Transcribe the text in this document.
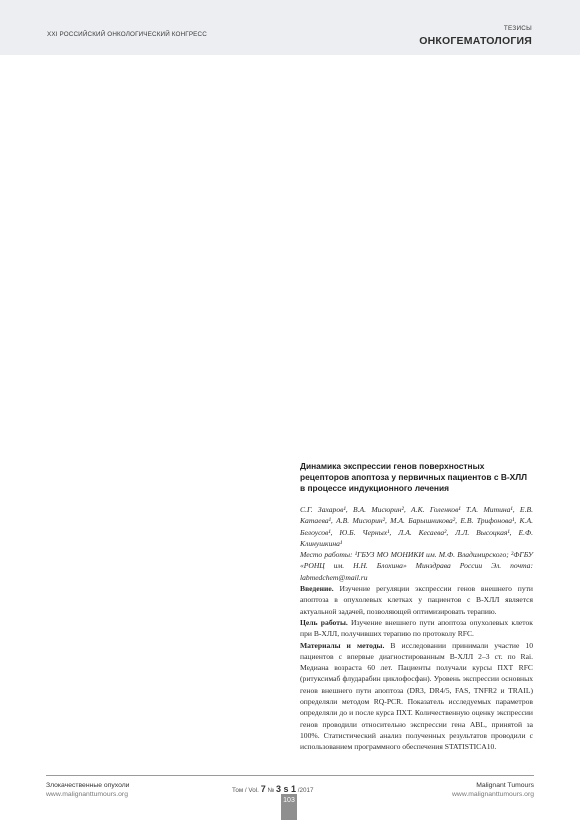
XXI РОССИЙСКИЙ ОНКОЛОГИЧЕСКИЙ КОНГРЕСС
ТЕЗИСЫ
ОНКОГЕМАТОЛОГИЯ
Динамика экспрессии генов поверхностных рецепторов апоптоза у первичных пациентов с В-ХЛЛ в процессе индукционного лечения

С.Г. Захаров¹, В.А. Мисюрин², А.К. Голенков¹ Т.А. Митина¹, Е.В. Катаева¹, А.В. Мисюрин², М.А. Барышникова², Е.В. Трифонова¹, К.А. Белоусов¹, Ю.Б. Черных¹, Л.А. Кесаева², Л.Л. Высоцкая¹, Е.Ф. Клинушкина¹

Место работы: ¹ГБУЗ МО МОНИКИ им. М.Ф. Владимирского; ²ФГБУ «РОНЦ им. Н.Н. Блохина» Минздрава России Эл. почта: labmedchem@mail.ru

Введение. Изучение регуляции экспрессии генов внешнего пути апоптоза в опухолевых клетках у пациентов с В-ХЛЛ является актуальной задачей, позволяющей оптимизировать терапию.

Цель работы. Изучение внешнего пути апоптоза опухолевых клеток при В-ХЛЛ, получивших терапию по протоколу RFC.

Материалы и методы. В исследовании принимали участие 10 пациентов с впервые диагностированным В-ХЛЛ 2–3 ст. по Rai. Медиана возраста 60 лет. Пациенты получали курсы ПХТ RFC (ритуксимаб флударабин циклофосфан). Уровень экспрессии основных генов внешнего пути апоптоза (DR3, DR4/5, FAS, TNFR2 и TRAIL) определяли методом RQ-PCR. Показатель исследуемых параметров определяли до и после курса ПХТ. Количественную оценку экспрессии генов проводили относительно экспрессии гена ABL, принятой за 100%. Статистический анализ полученных результатов проводили с использованием программного обеспечения STATISTICA10.

Злокачественные опухоли
www.malignanttumours.org
Том / Vol. 7 № 3 s 1 /2017
Malignant Tumours
www.malignanttumours.org
103
